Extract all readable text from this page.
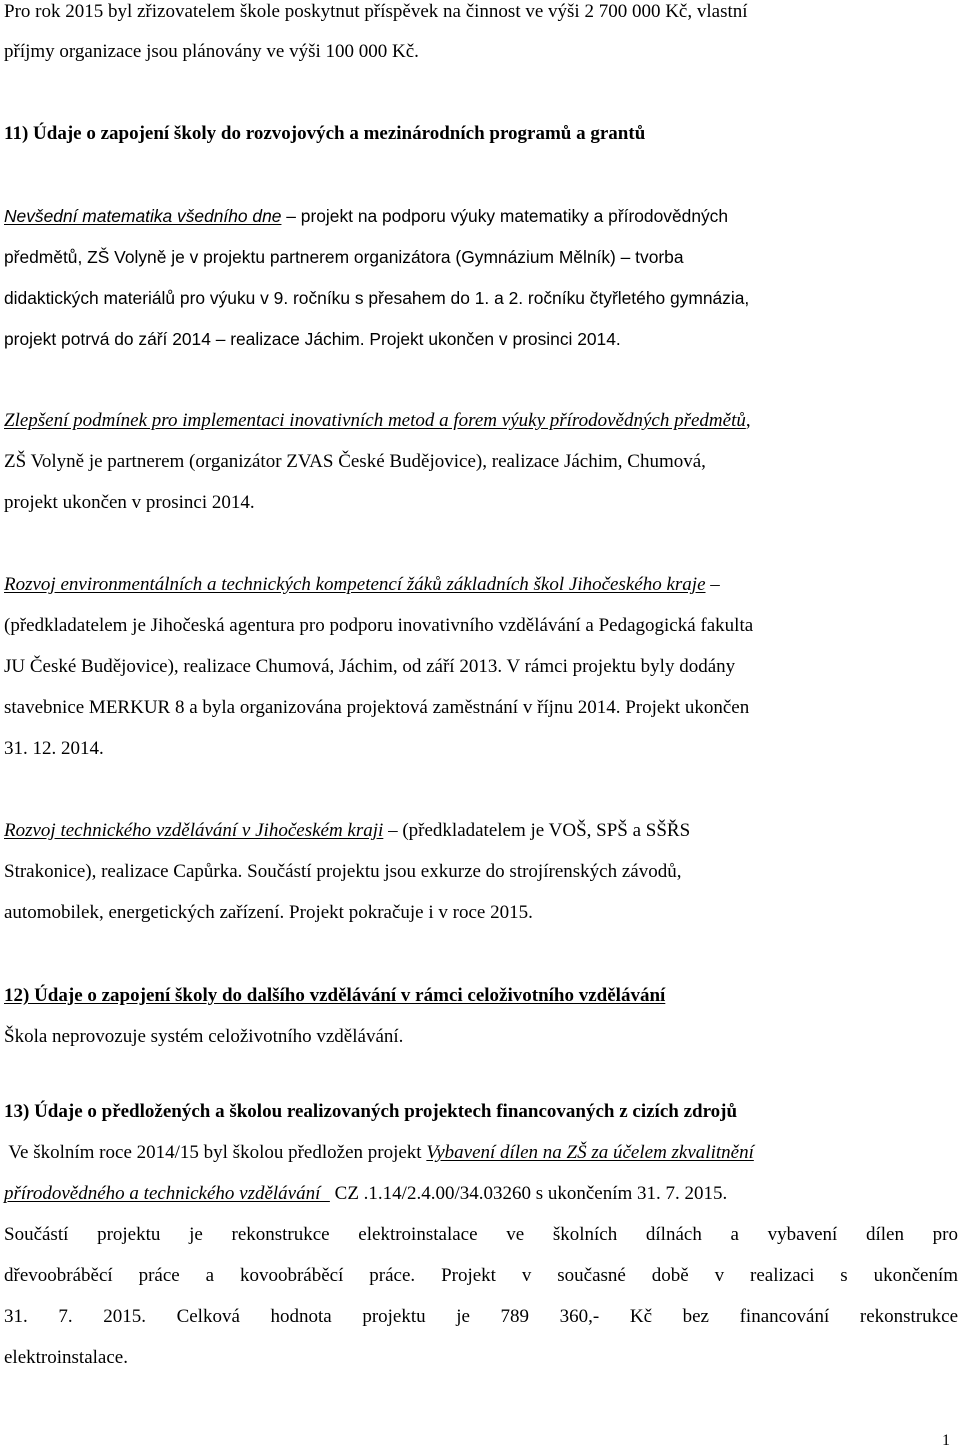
Pro rok 2015 byl zřizovatelem škole poskytnut příspěvek na činnost ve výši 2 700 000 Kč, vlastní
příjmy organizace jsou plánovány ve výši 100 000 Kč.
11) Údaje o zapojení školy do rozvojových a mezinárodních programů a grantů
Nevšední matematika všedního dne – projekt na podporu výuky matematiky a přírodovědných
předmětů, ZŠ Volyně je v projektu partnerem organizátora (Gymnázium Mělník) – tvorba
didaktických materiálů pro výuku v 9. ročníku s přesahem do 1. a 2. ročníku čtyřletého gymnázia,
projekt potrvá do září 2014 – realizace Jáchim. Projekt ukončen v prosinci 2014.
Zlepšení podmínek pro implementaci inovativních metod a forem výuky přírodovědných předmětů,
ZŠ Volyně je partnerem (organizátor ZVAS České Budějovice), realizace Jáchim, Chumová,
projekt ukončen v prosinci 2014.
Rozvoj environmentálních a technických kompetencí žáků základních škol Jihočeského kraje –
(předkladatelem je Jihočeská agentura pro podporu inovativního vzdělávání a Pedagogická fakulta
JU České Budějovice), realizace Chumová, Jáchim, od září 2013. V rámci projektu byly dodány
stavebnice MERKUR 8 a byla organizována projektová zaměstnání v říjnu 2014. Projekt ukončen
31. 12. 2014.
Rozvoj technického vzdělávání v Jihočeském kraji – (předkladatelem je VOŠ, SPŠ a SŠŘS
Strakonice), realizace Capůrka. Součástí projektu jsou exkurze do strojírenských závodů,
automobilek, energetických zařízení. Projekt pokračuje i v roce 2015.
12) Údaje o zapojení školy do dalšího vzdělávání v rámci celoživotního vzdělávání
Škola neprovozuje systém celoživotního vzdělávání.
13) Údaje o předložených a školou realizovaných projektech financovaných z cizích zdrojů
Ve školním roce 2014/15 byl školou předložen projekt Vybavení dílen na ZŠ za účelem zkvalitnění
přírodovědného a technického vzdělávání   CZ .1.14/2.4.00/34.03260 s ukončením 31. 7. 2015.
Součástí projektu je rekonstrukce elektroinstalace ve školních dílnách a vybavení dílen pro
dřevoobráběcí práce a kovoobráběcí práce. Projekt v současné době v realizaci s ukončením
31. 7. 2015. Celková hodnota projektu je 789 360,- Kč bez financování rekonstrukce
elektroinstalace.
1
